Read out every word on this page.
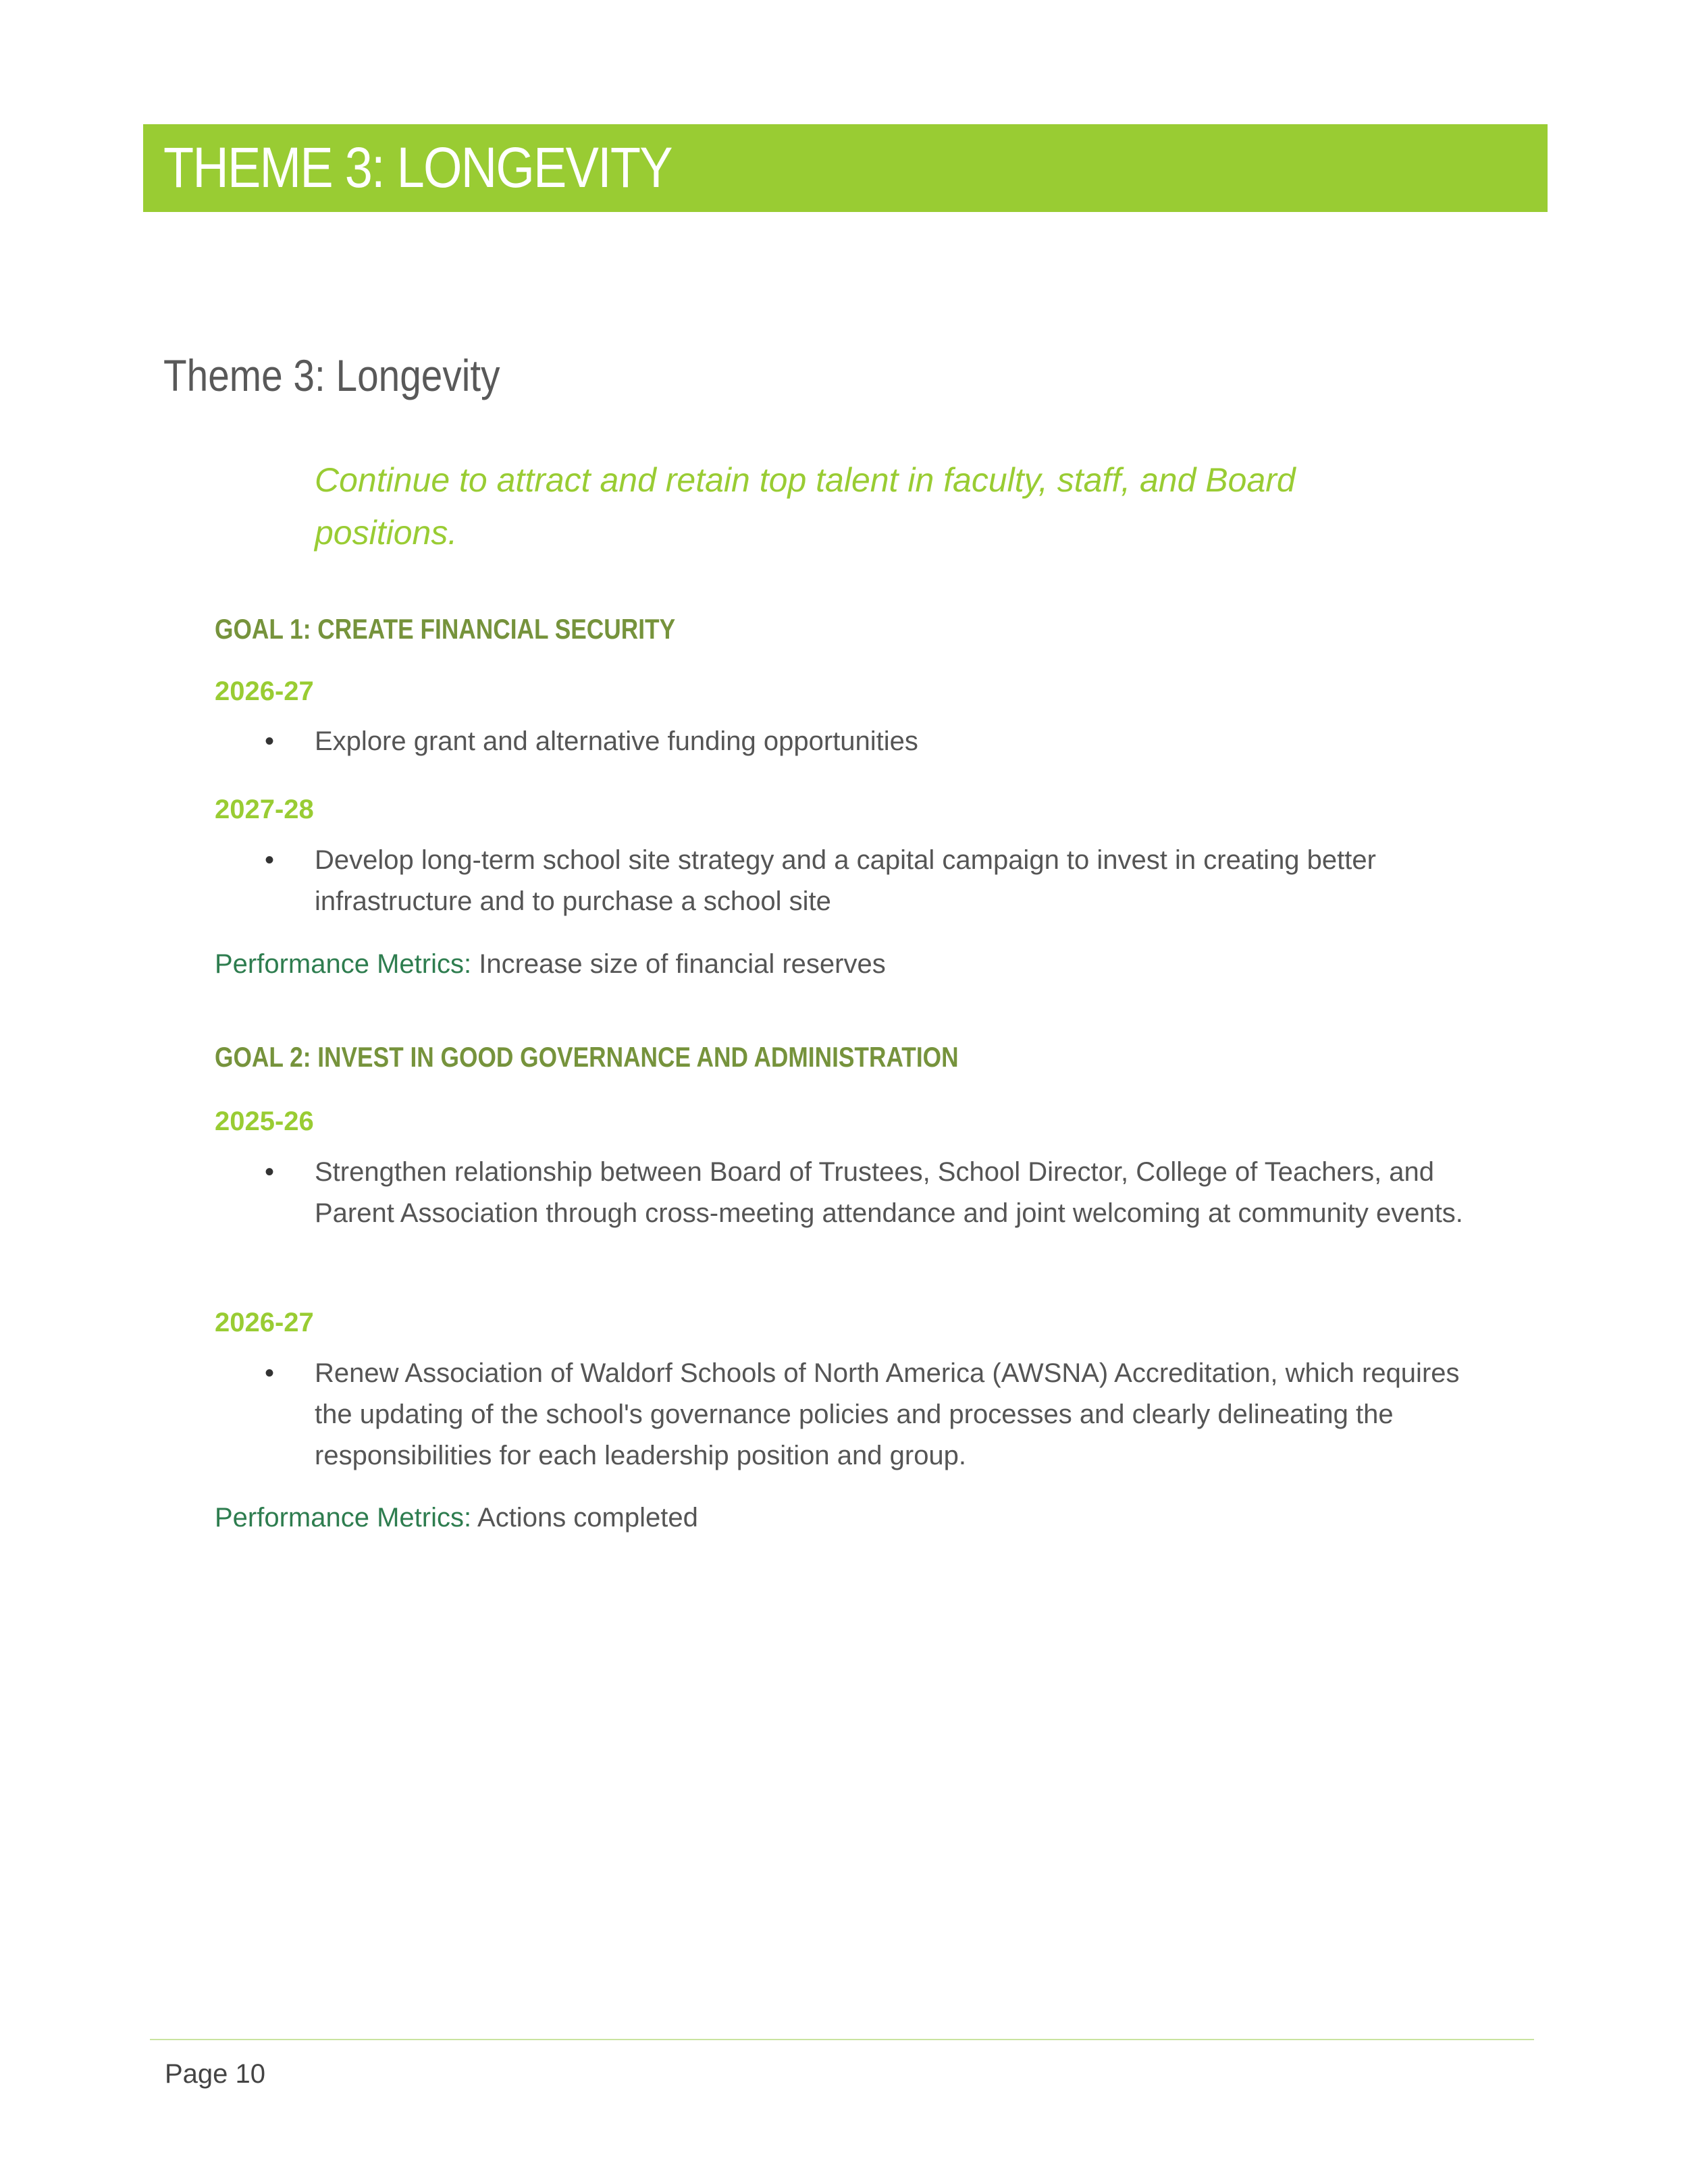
THEME 3: LONGEVITY
Theme 3: Longevity
Continue to attract and retain top talent in faculty, staff, and Board positions.
GOAL 1: CREATE FINANCIAL SECURITY
2026-27
•	Explore grant and alternative funding opportunities
2027-28
•	Develop long-term school site strategy and a capital campaign to invest in creating better infrastructure and to purchase a school site
Performance Metrics: Increase size of financial reserves
GOAL 2: INVEST IN GOOD GOVERNANCE AND ADMINISTRATION
2025-26
•	Strengthen relationship between Board of Trustees, School Director, College of Teachers, and Parent Association through cross-meeting attendance and joint welcoming at community events.
2026-27
•	Renew Association of Waldorf Schools of North America (AWSNA) Accreditation, which requires the updating of the school's governance policies and processes and clearly delineating the responsibilities for each leadership position and group.
Performance Metrics: Actions completed
Page 10
